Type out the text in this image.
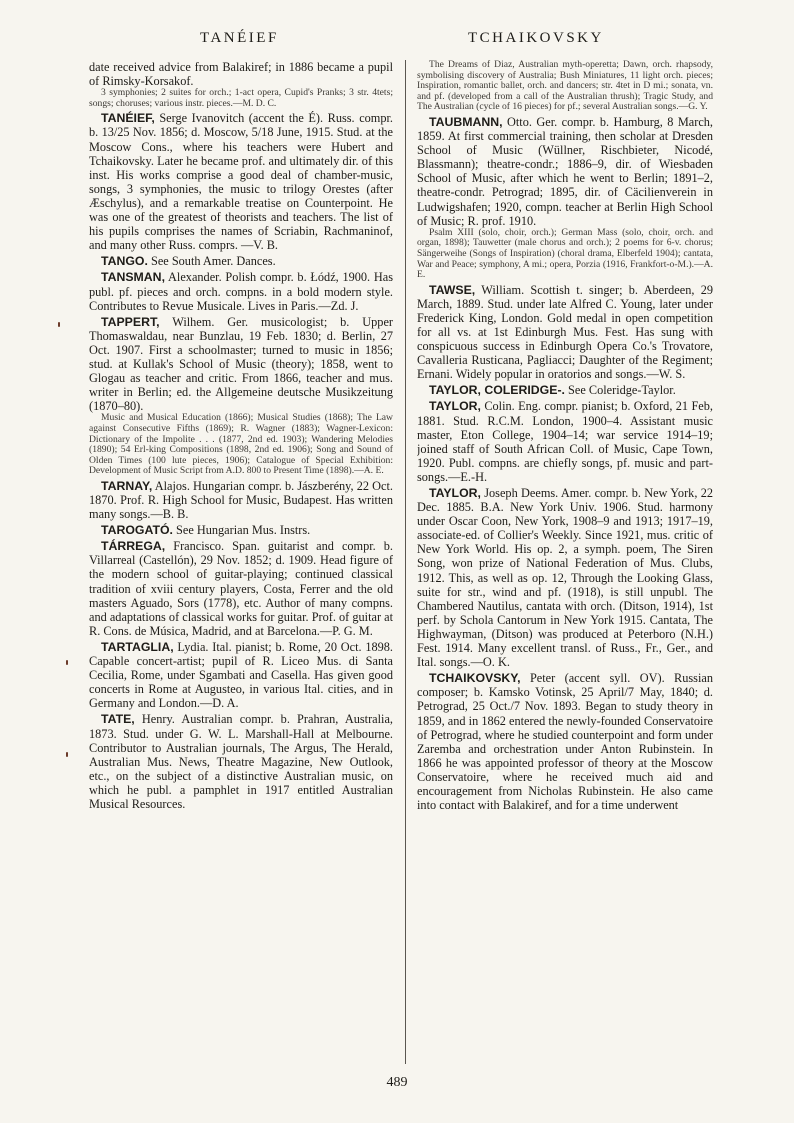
TANÉIEF	TCHAIKOVSKY

date received advice from Balakiref; in 1886 became a pupil of Rimsky-Korsakof.

3 symphonies; 2 suites for orch.; 1-act opera, Cupid's Pranks; 3 str. 4tets; songs; choruses; various instr. pieces.—M. D. C.

TANÉIEF, Serge Ivanovitch (accent the É). Russ. compr. b. 13/25 Nov. 1856; d. Moscow, 5/18 June, 1915. Stud. at the Moscow Cons., where his teachers were Hubert and Tchaikovsky. Later he became prof. and ultimately dir. of this inst. His works comprise a good deal of chamber-music, songs, 3 symphonies, the music to trilogy Orestes (after Æschylus), and a remarkable treatise on Counterpoint. He was one of the greatest of theorists and teachers. The list of his pupils comprises the names of Scriabin, Rachmaninof, and many other Russ. comprs. —V. B.

TANGO. See South Amer. Dances.

TANSMAN, Alexander. Polish compr. b. Łódź, 1900. Has publ. pf. pieces and orch. compns. in a bold modern style. Contributes to Revue Musicale. Lives in Paris.—Zd. J.

TAPPERT, Wilhem. Ger. musicologist; b. Upper Thomaswaldau, near Bunzlau, 19 Feb. 1830; d. Berlin, 27 Oct. 1907. First a schoolmaster; turned to music in 1856; stud. at Kullak's School of Music (theory); 1858, went to Glogau as teacher and critic. From 1866, teacher and mus. writer in Berlin; ed. the Allgemeine deutsche Musikzeitung (1870–80).

Music and Musical Education (1866); Musical Studies (1868); The Law against Consecutive Fifths (1869); R. Wagner (1883); Wagner-Lexicon: Dictionary of the Impolite . . . (1877, 2nd ed. 1903); Wandering Melodies (1890); 54 Erl-king Compositions (1898, 2nd ed. 1906); Song and Sound of Olden Times (100 lute pieces, 1906); Catalogue of Special Exhibition: Development of Music Script from A.D. 800 to Present Time (1898).—A. E.

TARNAY, Alajos. Hungarian compr. b. Jászberény, 22 Oct. 1870. Prof. R. High School for Music, Budapest. Has written many songs.—B. B.

TAROGATÓ. See Hungarian Mus. Instrs.

TÁRREGA, Francisco. Span. guitarist and compr. b. Villarreal (Castellón), 29 Nov. 1852; d. 1909. Head figure of the modern school of guitar-playing; continued classical tradition of xviii century players, Costa, Ferrer and the old masters Aguado, Sors (1778), etc. Author of many compns. and adaptations of classical works for guitar. Prof. of guitar at R. Cons. de Música, Madrid, and at Barcelona.—P. G. M.

TARTAGLIA, Lydia. Ital. pianist; b. Rome, 20 Oct. 1898. Capable concert-artist; pupil of R. Liceo Mus. di Santa Cecilia, Rome, under Sgambati and Casella. Has given good concerts in Rome at Augusteo, in various Ital. cities, and in Germany and London.—D. A.

TATE, Henry. Australian compr. b. Prahran, Australia, 1873. Stud. under G. W. L. Marshall-Hall at Melbourne. Contributor to Australian journals, The Argus, The Herald, Australian Mus. News, Theatre Magazine, New Outlook, etc., on the subject of a distinctive Australian music, on which he publ. a pamphlet in 1917 entitled Australian Musical Resources.

The Dreams of Diaz, Australian myth-operetta; Dawn, orch. rhapsody, symbolising discovery of Australia; Bush Miniatures, 11 light orch. pieces; Inspiration, romantic ballet, orch. and dancers; str. 4tet in D mi.; sonata, vn. and pf. (developed from a call of the Australian thrush); Tragic Study, and The Australian (cycle of 16 pieces) for pf.; several Australian songs.—G. Y.

TAUBMANN, Otto. Ger. compr. b. Hamburg, 8 March, 1859. At first commercial training, then scholar at Dresden School of Music (Wüllner, Rischbieter, Nicodé, Blassmann); theatre-condr.; 1886–9, dir. of Wiesbaden School of Music, after which he went to Berlin; 1891–2, theatre-condr. Petrograd; 1895, dir. of Cäcilienverein in Ludwigshafen; 1920, compn. teacher at Berlin High School of Music; R. prof. 1910.

Psalm XIII (solo, choir, orch.); German Mass (solo, choir, orch. and organ, 1898); Tauwetter (male chorus and orch.); 2 poems for 6-v. chorus; Sängerweihe (Songs of Inspiration) (choral drama, Elberfeld 1904); cantata, War and Peace; symphony, A mi.; opera, Porzia (1916, Frankfort-o-M.).—A. E.

TAWSE, William. Scottish t. singer; b. Aberdeen, 29 March, 1889. Stud. under late Alfred C. Young, later under Frederick King, London. Gold medal in open competition for all vs. at 1st Edinburgh Mus. Fest. Has sung with conspicuous success in Edinburgh Opera Co.'s Trovatore, Cavalleria Rusticana, Pagliacci; Daughter of the Regiment; Ernani. Widely popular in oratorios and songs.—W. S.

TAYLOR, COLERIDGE-. See Coleridge-Taylor.

TAYLOR, Colin. Eng. compr. pianist; b. Oxford, 21 Feb, 1881. Stud. R.C.M. London, 1900–4. Assistant music master, Eton College, 1904–14; war service 1914–19; joined staff of South African Coll. of Music, Cape Town, 1920. Publ. compns. are chiefly songs, pf. music and part-songs.—E.-H.

TAYLOR, Joseph Deems. Amer. compr. b. New York, 22 Dec. 1885. B.A. New York Univ. 1906. Stud. harmony under Oscar Coon, New York, 1908–9 and 1913; 1917–19, associate-ed. of Collier's Weekly. Since 1921, mus. critic of New York World. His op. 2, a symph. poem, The Siren Song, won prize of National Federation of Mus. Clubs, 1912. This, as well as op. 12, Through the Looking Glass, suite for str., wind and pf. (1918), is still unpubl. The Chambered Nautilus, cantata with orch. (Ditson, 1914), 1st perf. by Schola Cantorum in New York 1915. Cantata, The Highwayman, (Ditson) was produced at Peterboro (N.H.) Fest. 1914. Many excellent transl. of Russ., Fr., Ger., and Ital. songs.—O. K.

TCHAIKOVSKY, Peter (accent syll. OV). Russian composer; b. Kamsko Votinsk, 25 April/7 May, 1840; d. Petrograd, 25 Oct./7 Nov. 1893. Began to study theory in 1859, and in 1862 entered the newly-founded Conservatoire of Petrograd, where he studied counterpoint and form under Zaremba and orchestration under Anton Rubinstein. In 1866 he was appointed professor of theory at the Moscow Conservatoire, where he received much aid and encouragement from Nicholas Rubinstein. He also came into contact with Balakiref, and for a time underwent

489
